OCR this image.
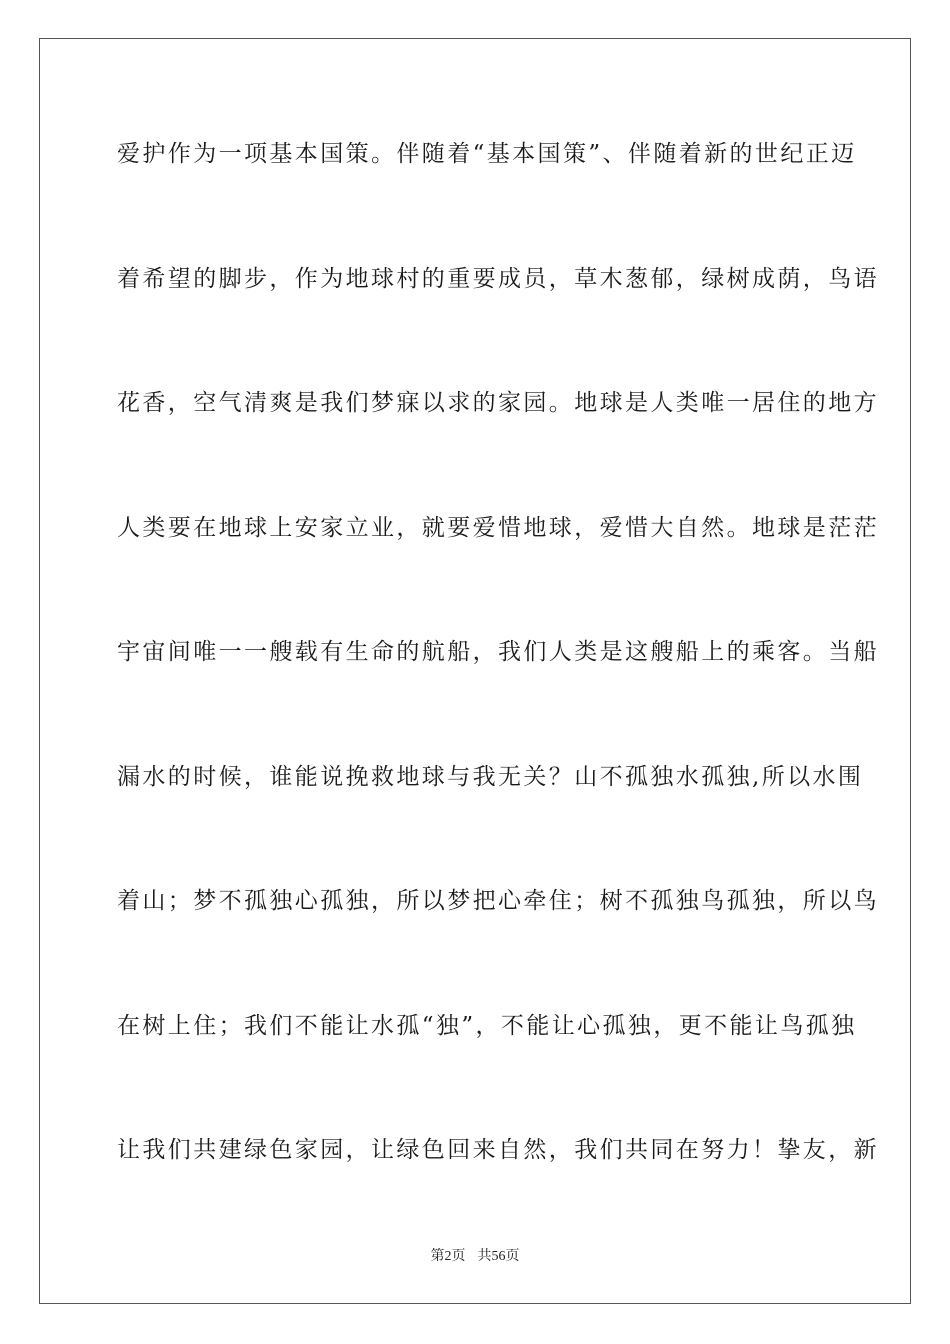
爱护作为一项基本国策。伴随着“基本国策”、伴随着新的世纪正迈
着希望的脚步，作为地球村的重要成员，草木葱郁，绿树成荫，鸟语
花香，空气清爽是我们梦寐以求的家园。地球是人类唯一居住的地方
人类要在地球上安家立业，就要爱惜地球，爱惜大自然。地球是茫茫
宇宙间唯一一艘载有生命的航船，我们人类是这艘船上的乘客。当船
漏水的时候，谁能说挽救地球与我无关？山不孤独水孤独,所以水围
着山；梦不孤独心孤独，所以梦把心牵住；树不孤独鸟孤独，所以鸟
在树上住；我们不能让水孤“独”，不能让心孤独，更不能让鸟孤独
让我们共建绿色家园，让绿色回来自然，我们共同在努力！挚友，新
第2页 共56页
